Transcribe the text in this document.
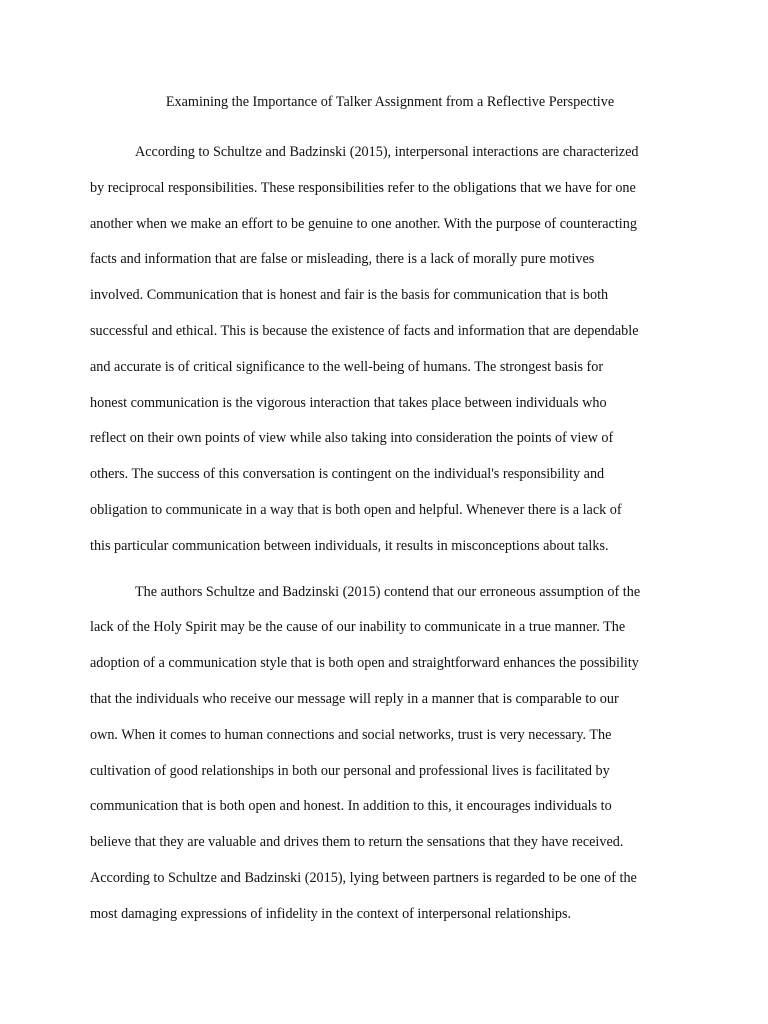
Examining the Importance of Talker Assignment from a Reflective Perspective

According to Schultze and Badzinski (2015), interpersonal interactions are characterized
by reciprocal responsibilities. These responsibilities refer to the obligations that we have for one
another when we make an effort to be genuine to one another. With the purpose of counteracting
facts and information that are false or misleading, there is a lack of morally pure motives
involved. Communication that is honest and fair is the basis for communication that is both
successful and ethical. This is because the existence of facts and information that are dependable
and accurate is of critical significance to the well-being of humans. The strongest basis for
honest communication is the vigorous interaction that takes place between individuals who
reflect on their own points of view while also taking into consideration the points of view of
others. The success of this conversation is contingent on the individual's responsibility and
obligation to communicate in a way that is both open and helpful. Whenever there is a lack of
this particular communication between individuals, it results in misconceptions about talks.

The authors Schultze and Badzinski (2015) contend that our erroneous assumption of the
lack of the Holy Spirit may be the cause of our inability to communicate in a true manner. The
adoption of a communication style that is both open and straightforward enhances the possibility
that the individuals who receive our message will reply in a manner that is comparable to our
own. When it comes to human connections and social networks, trust is very necessary. The
cultivation of good relationships in both our personal and professional lives is facilitated by
communication that is both open and honest. In addition to this, it encourages individuals to
believe that they are valuable and drives them to return the sensations that they have received.
According to Schultze and Badzinski (2015), lying between partners is regarded to be one of the
most damaging expressions of infidelity in the context of interpersonal relationships.
